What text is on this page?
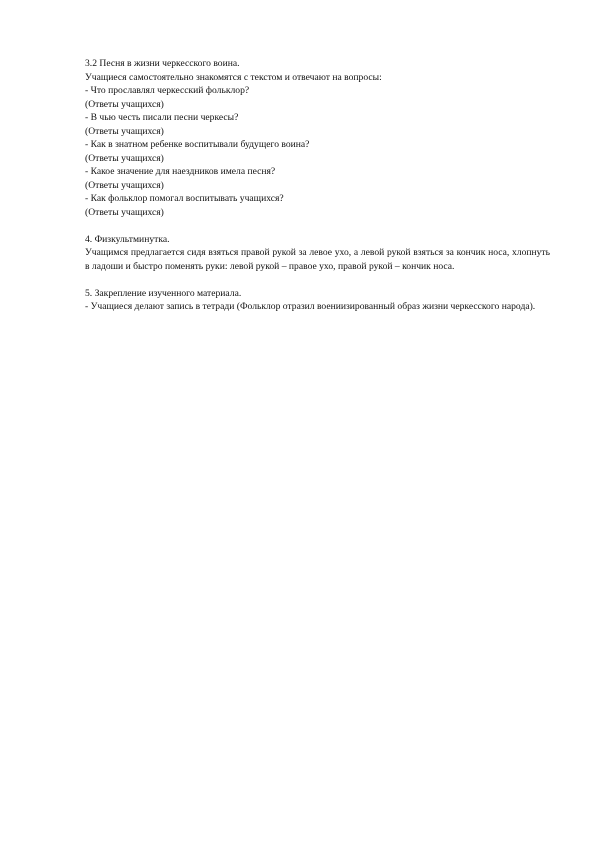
3.2 Песня в жизни черкесского воина.
Учащиеся самостоятельно знакомятся с текстом и отвечают на вопросы:
- Что прославлял черкесский фольклор?
(Ответы учащихся)
- В чью честь писали песни черкесы?
(Ответы учащихся)
- Как в знатном ребенке воспитывали будущего воина?
(Ответы учащихся)
- Какое значение для наездников имела песня?
(Ответы учащихся)
- Как фольклор помогал воспитывать учащихся?
(Ответы учащихся)
4. Физкультминутка.
Учащимся предлагается сидя взяться правой рукой за левое ухо, а левой рукой взяться за кончик носа, хлопнуть в ладоши и быстро поменять руки: левой рукой – правое ухо, правой рукой – кончик носа.
5. Закрепление изученного материала.
- Учащиеся делают запись в тетради (Фольклор отразил воениизированный образ жизни черкесского народа).
